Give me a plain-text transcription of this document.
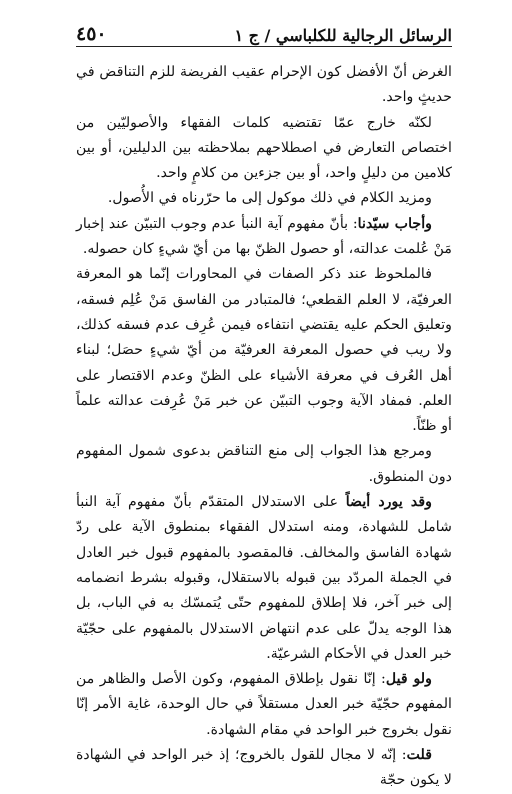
٤٥٠	الرسائل الرجالية للكلباسي / ج ١

الغرض أنّ الأفضل كون الإحرام عقيب الفريضة للزم التناقض في حديثٍ واحد.

لكنّه خارج عمّا تقتضيه كلمات الفقهاء والأصوليّين من اختصاص التعارض في اصطلاحهم بملاحظته بين الدليلين، أو بين كلامين من دليلٍ واحد، أو بين جزءين من كلامٍ واحد.

ومزيد الكلام في ذلك موكول إلى ما حرّرناه في الأُصول.

وأجاب سيّدنا: بأنّ مفهوم آية النبأ عدم وجوب التبيّن عند إخبار مَنْ عُلمت عدالته، أو حصول الظنّ بها من أيّ شيءٍ كان حصوله.

فالملحوظ عند ذكر الصفات في المحاورات إنّما هو المعرفة العرفيّة، لا العلم القطعي؛ فالمتبادر من الفاسق مَنْ عُلِم فسقه، وتعليق الحكم عليه يقتضي انتفاءه فيمن عُرِف عدم فسقه كذلك، ولا ريب في حصول المعرفة العرفيّة من أيّ شيءٍ حصَل؛ لبناء أهل العُرف في معرفة الأشياء على الظنّ وعدم الاقتصار على العلم. فمفاد الآية وجوب التبيّن عن خبر مَنْ عُرِفت عدالته علماً أو ظنّاً.

ومرجع هذا الجواب إلى منع التناقض بدعوى شمول المفهوم دون المنطوق.

وقد يورد أيضاً على الاستدلال المتقدّم بأنّ مفهوم آية النبأ شامل للشهادة، ومنه استدلال الفقهاء بمنطوق الآية على ردّ شهادة الفاسق والمخالف. فالمقصود بالمفهوم قبول خبر العادل في الجملة المردّد بين قبوله بالاستقلال، وقبوله بشرط انضمامه إلى خبر آخر، فلا إطلاق للمفهوم حتّى يُتمسّك به في الباب، بل هذا الوجه يدلّ على عدم انتهاض الاستدلال بالمفهوم على حجّيّة خبر العدل في الأحكام الشرعيّة.

ولو قيل: إنّا نقول بإطلاق المفهوم، وكون الأصل والظاهر من المفهوم حجّيّة خبر العدل مستقلاً في حال الوحدة، غاية الأمر إنّا نقول بخروج خبر الواحد في مقام الشهادة.

قلت: إنّه لا مجال للقول بالخروج؛ إذ خبر الواحد في الشهادة لا يكون حجّة
